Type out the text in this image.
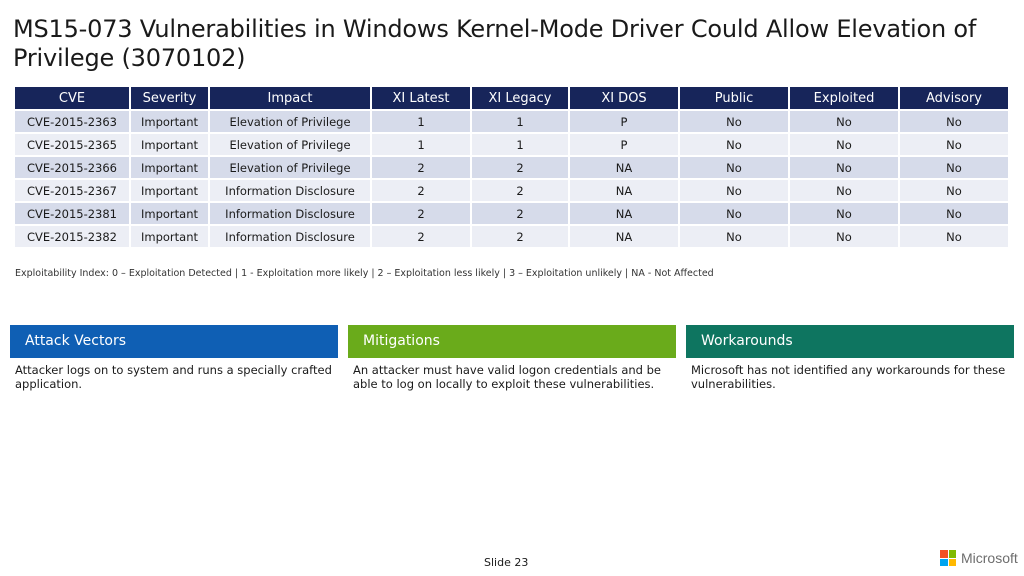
MS15-073 Vulnerabilities in Windows Kernel-Mode Driver Could Allow Elevation of Privilege (3070102)
CVE	Severity	Impact	XI Latest	XI Legacy	XI DOS	Public	Exploited	Advisory
CVE-2015-2363	Important	Elevation of Privilege	1	1	P	No	No	No
CVE-2015-2365	Important	Elevation of Privilege	1	1	P	No	No	No
CVE-2015-2366	Important	Elevation of Privilege	2	2	NA	No	No	No
CVE-2015-2367	Important	Information Disclosure	2	2	NA	No	No	No
CVE-2015-2381	Important	Information Disclosure	2	2	NA	No	No	No
CVE-2015-2382	Important	Information Disclosure	2	2	NA	No	No	No
Exploitability Index: 0 – Exploitation Detected | 1 - Exploitation more likely | 2 – Exploitation less likely | 3 – Exploitation unlikely | NA - Not Affected
Attack Vectors
Attacker logs on to system and runs a specially crafted application.
Mitigations
An attacker must have valid logon credentials and be able to log on locally to exploit these vulnerabilities.
Workarounds
Microsoft has not identified any workarounds for these vulnerabilities.
Slide 23	Microsoft
